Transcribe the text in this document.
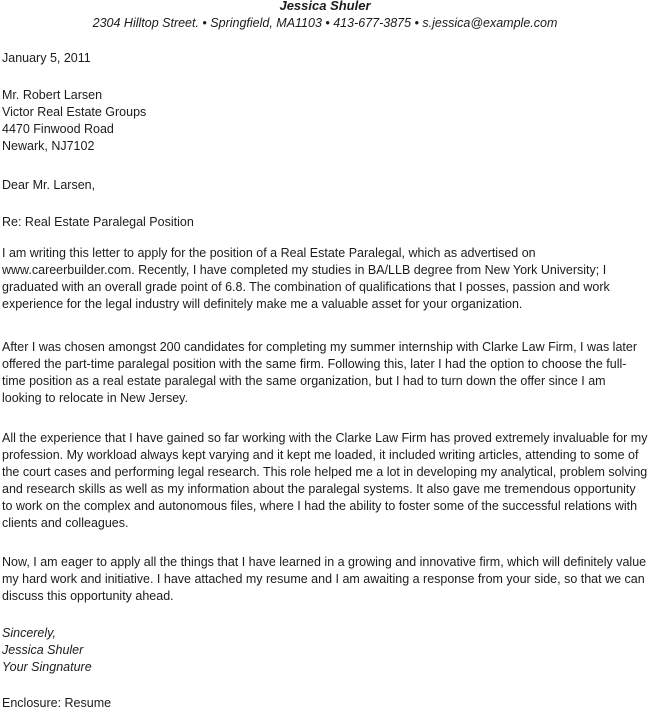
Jessica Shuler
2304 Hilltop Street. • Springfield, MA1103 • 413-677-3875 • s.jessica@example.com
January 5, 2011
Mr. Robert Larsen
Victor Real Estate Groups
4470 Finwood Road
Newark, NJ7102
Dear Mr. Larsen,
Re: Real Estate Paralegal Position

I am writing this letter to apply for the position of a Real Estate Paralegal, which as advertised on www.careerbuilder.com. Recently, I have completed my studies in BA/LLB degree from New York University; I graduated with an overall grade point of 6.8. The combination of qualifications that I posses, passion and work experience for the legal industry will definitely make me a valuable asset for your organization.

After I was chosen amongst 200 candidates for completing my summer internship with Clarke Law Firm, I was later offered the part-time paralegal position with the same firm. Following this, later I had the option to choose the full-time position as a real estate paralegal with the same organization, but I had to turn down the offer since I am looking to relocate in New Jersey.

All the experience that I have gained so far working with the Clarke Law Firm has proved extremely invaluable for my profession. My workload always kept varying and it kept me loaded, it included writing articles, attending to some of the court cases and performing legal research. This role helped me a lot in developing my analytical, problem solving and research skills as well as my information about the paralegal systems. It also gave me tremendous opportunity to work on the complex and autonomous files, where I had the ability to foster some of the successful relations with clients and colleagues.

Now, I am eager to apply all the things that I have learned in a growing and innovative firm, which will definitely value my hard work and initiative. I have attached my resume and I am awaiting a response from your side, so that we can discuss this opportunity ahead.

Sincerely,
Jessica Shuler
Your Singnature
Enclosure: Resume
